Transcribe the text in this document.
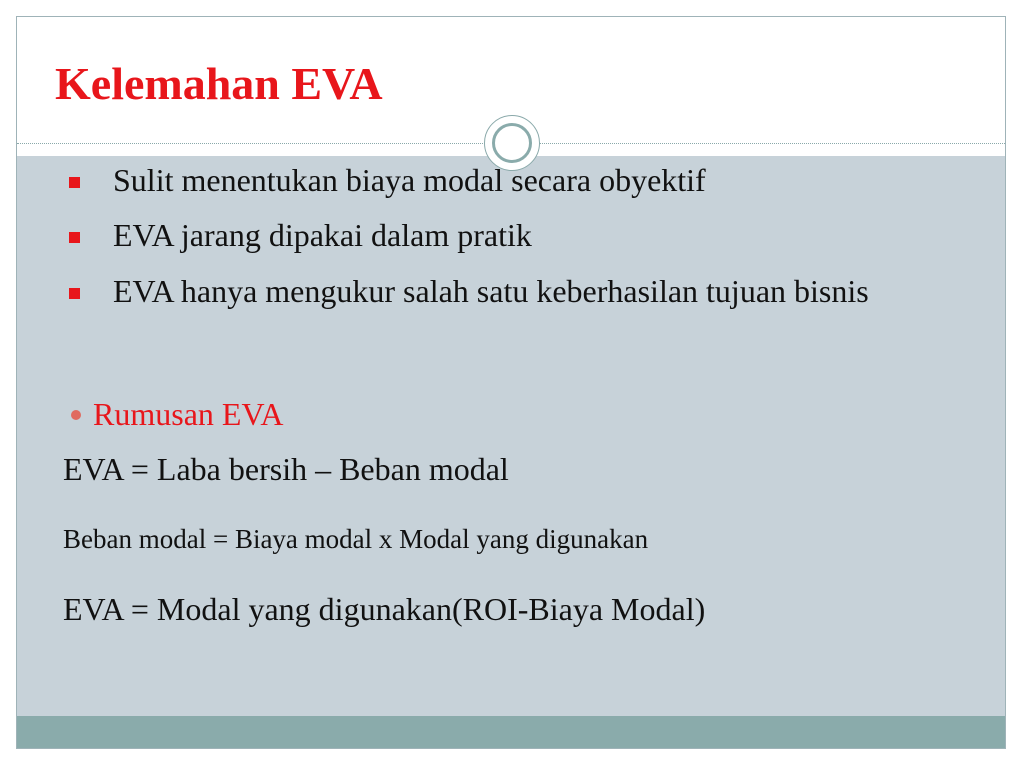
Kelemahan EVA
Sulit menentukan biaya modal secara obyektif
EVA jarang dipakai dalam pratik
EVA hanya mengukur salah satu keberhasilan tujuan bisnis
Rumusan EVA
EVA = Laba bersih – Beban modal
Beban modal = Biaya modal x Modal yang digunakan
EVA = Modal yang digunakan(ROI-Biaya Modal)
